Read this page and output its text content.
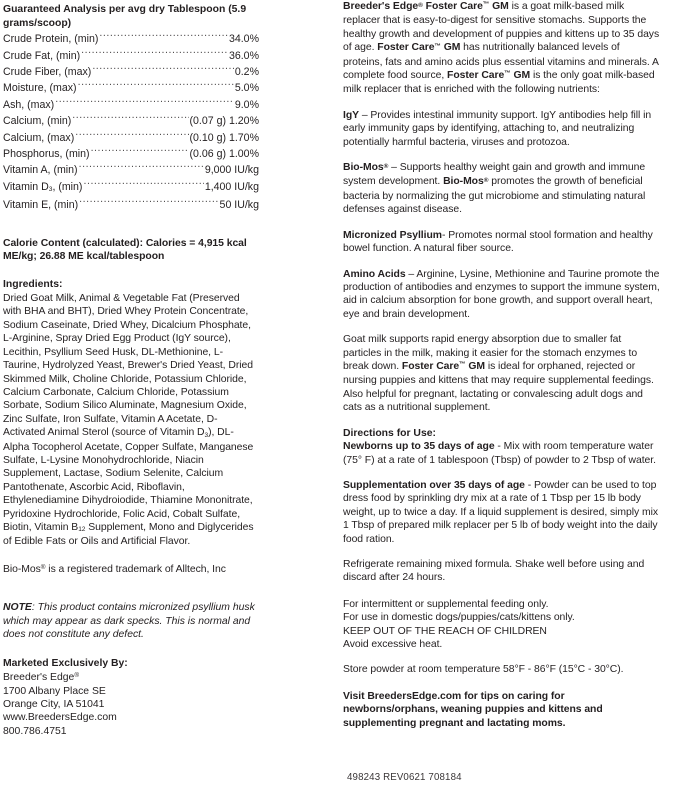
Guaranteed Analysis per avg dry Tablespoon (5.9 grams/scoop)
Crude Protein, (min) .....	34.0%
Crude Fat, (min) .....	36.0%
Crude Fiber, (max) .....	0.2%
Moisture, (max) .....	5.0%
Ash, (max) .....	9.0%
Calcium, (min) .....	(0.07 g) 1.20%
Calcium, (max) .....	(0.10 g) 1.70%
Phosphorus, (min) .....	(0.06 g) 1.00%
Vitamin A, (min) .....	9,000 IU/kg
Vitamin $D_3$, (min) .....	1,400 IU/kg
Vitamin E, (min) .....	50 IU/kg
Calorie Content (calculated): Calories = 4,915 kcal ME/kg; 26.88 ME kcal/tablespoon
Ingredients:
Dried Goat Milk, Animal & Vegetable Fat (Preserved with BHA and BHT), Dried Whey Protein Concentrate, Sodium Caseinate, Dried Whey, Dicalcium Phosphate, L-Arginine, Spray Dried Egg Product (IgY source), Lecithin, Psyllium Seed Husk, DL-Methionine, L-Taurine, Hydrolyzed Yeast, Brewer's Dried Yeast, Dried Skimmed Milk, Choline Chloride, Potassium Chloride, Calcium Carbonate, Calcium Chloride, Potassium Sorbate, Sodium Silico Aluminate, Magnesium Oxide, Zinc Sulfate, Iron Sulfate, Vitamin A Acetate, D-Activated Animal Sterol (source of Vitamin $D_3$), DL-Alpha Tocopherol Acetate, Copper Sulfate, Manganese Sulfate, L-Lysine Monohydrochloride, Niacin Supplement, Lactase, Sodium Selenite, Calcium Pantothenate, Ascorbic Acid, Riboflavin, Ethylenediamine Dihydroiodide, Thiamine Mononitrate, Pyridoxine Hydrochloride, Folic Acid, Cobalt Sulfate, Biotin, Vitamin $B_{12}$ Supplement, Mono and Diglycerides of Edible Fats or Oils and Artificial Flavor.
Bio-Mos® is a registered trademark of Alltech, Inc
NOTE: This product contains micronized psyllium husk which may appear as dark specks. This is normal and does not constitute any defect.
Marketed Exclusively By:
Breeder's Edge®
1700 Albany Place SE
Orange City, IA 51041
www.BreedersEdge.com
800.786.4751

Breeder's Edge® Foster Care™ GM is a goat milk-based milk replacer that is easy-to-digest for sensitive stomachs. Supports the healthy growth and development of puppies and kittens up to 35 days of age. Foster Care™ GM has nutritionally balanced levels of proteins, fats and amino acids plus essential vitamins and minerals. A complete food source, Foster Care™ GM is the only goat milk-based milk replacer that is enriched with the following nutrients:

IgY – Provides intestinal immunity support. IgY antibodies help fill in early immunity gaps by identifying, attaching to, and neutralizing potentially harmful bacteria, viruses and protozoa.

Bio-Mos® – Supports healthy weight gain and growth and immune system development. Bio-Mos® promotes the growth of beneficial bacteria by normalizing the gut microbiome and stimulating natural defenses against disease.

Micronized Psyllium- Promotes normal stool formation and healthy bowel function. A natural fiber source.

Amino Acids – Arginine, Lysine, Methionine and Taurine promote the production of antibodies and enzymes to support the immune system, aid in calcium absorption for bone growth, and support overall heart, eye and brain development.

Goat milk supports rapid energy absorption due to smaller fat particles in the milk, making it easier for the stomach enzymes to break down. Foster Care™ GM is ideal for orphaned, rejected or nursing puppies and kittens that may require supplemental feedings. Also helpful for pregnant, lactating or convalescing adult dogs and cats as a nutritional supplement.

Directions for Use:

Newborns up to 35 days of age - Mix with room temperature water (75° F) at a rate of 1 tablespoon (Tbsp) of powder to 2 Tbsp of water.

Supplementation over 35 days of age - Powder can be used to top dress food by sprinkling dry mix at a rate of 1 Tbsp per 15 lb body weight, up to twice a day. If a liquid supplement is desired, simply mix 1 Tbsp of prepared milk replacer per 5 lb of body weight into the daily food ration.

Refrigerate remaining mixed formula. Shake well before using and discard after 24 hours.

For intermittent or supplemental feeding only.
For use in domestic dogs/puppies/cats/kittens only.
KEEP OUT OF THE REACH OF CHILDREN
Avoid excessive heat.

Store powder at room temperature 58°F - 86°F (15°C - 30°C).

Visit BreedersEdge.com for tips on caring for newborns/orphans, weaning puppies and kittens and supplementing pregnant and lactating moms.

498243 REV0621 708184
